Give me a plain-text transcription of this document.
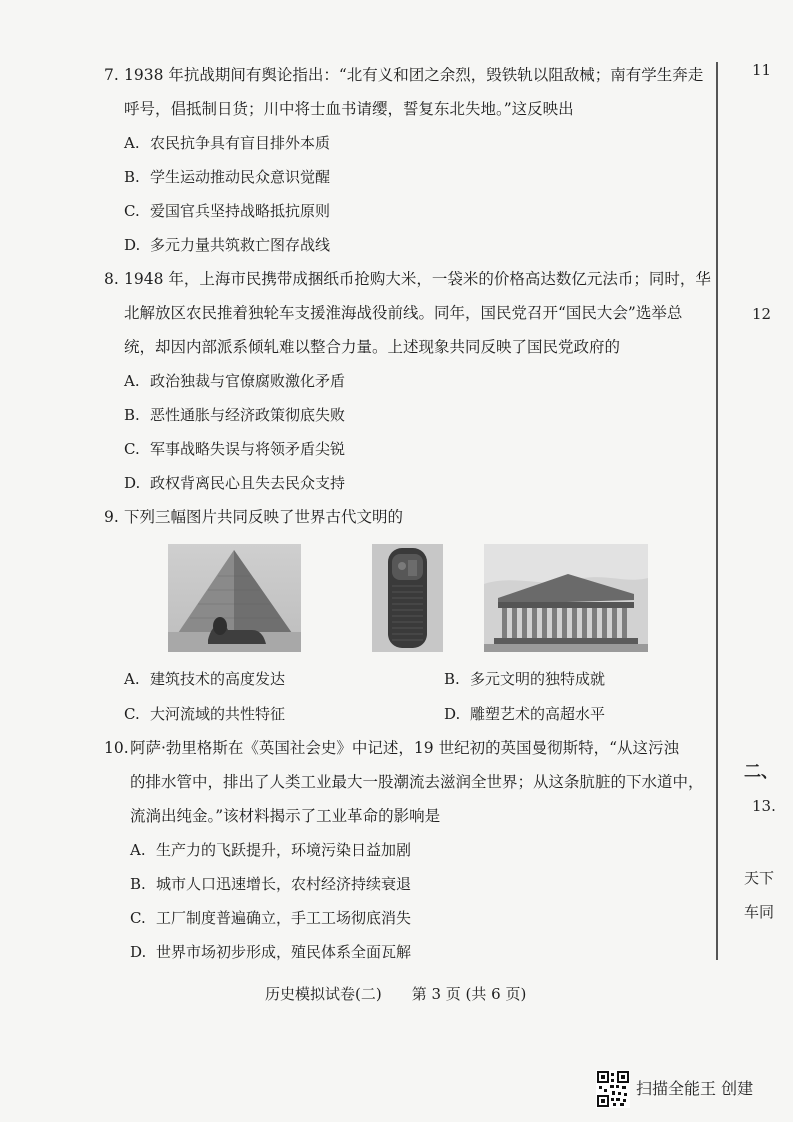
7. 1938 年抗战期间有舆论指出：“北有义和团之余烈，毁铁轨以阻敌械；南有学生奔走
呼号，倡抵制日货；川中将士血书请缨，誓复东北失地。”这反映出
A. 农民抗争具有盲目排外本质
B. 学生运动推动民众意识觉醒
C. 爱国官兵坚持战略抵抗原则
D. 多元力量共筑救亡图存战线
8. 1948 年，上海市民携带成捆纸币抢购大米，一袋米的价格高达数亿元法币；同时，华
北解放区农民推着独轮车支援淮海战役前线。同年，国民党召开“国民大会”选举总
统，却因内部派系倾轧难以整合力量。上述现象共同反映了国民党政府的
A. 政治独裁与官僚腐败激化矛盾
B. 恶性通胀与经济政策彻底失败
C. 军事战略失误与将领矛盾尖锐
D. 政权背离民心且失去民众支持
9. 下列三幅图片共同反映了世界古代文明的
A. 建筑技术的高度发达	B. 多元文明的独特成就
C. 大河流域的共性特征	D. 雕塑艺术的高超水平
10.阿萨·勃里格斯在《英国社会史》中记述，19 世纪初的英国曼彻斯特，“从这污浊
的排水管中，排出了人类工业最大一股潮流去滋润全世界；从这条肮脏的下水道中，
流淌出纯金。”该材料揭示了工业革命的影响是
A. 生产力的飞跃提升，环境污染日益加剧
B. 城市人口迅速增长，农村经济持续衰退
C. 工厂制度普遍确立，手工工场彻底消失
D. 世界市场初步形成，殖民体系全面瓦解
历史模拟试卷(二)　　第 3 页 (共 6 页)
11
12
二、
13.
天下
车同
扫描全能王 创建
